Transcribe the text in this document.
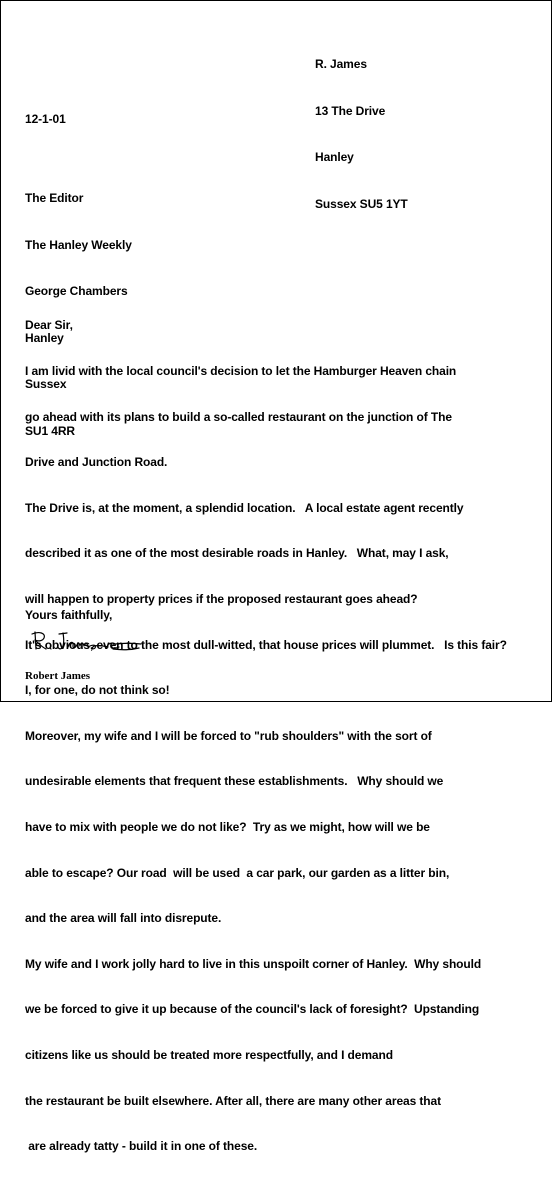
R. James

13 The Drive

Hanley

Sussex SU5 1YT

12-1-01

The Editor

The Hanley Weekly

George Chambers

Hanley

Sussex

SU1 4RR

Dear Sir,

I am livid with the local council's decision to let the Hamburger Heaven chain

go ahead with its plans to build a so-called restaurant on the junction of The

Drive and Junction Road.

The Drive is, at the moment, a splendid location.   A local estate agent recently

described it as one of the most desirable roads in Hanley.   What, may I ask,

will happen to property prices if the proposed restaurant goes ahead?

It's obvious, even to the most dull-witted, that house prices will plummet.   Is this fair?

I, for one, do not think so!

Moreover, my wife and I will be forced to "rub shoulders" with the sort of

undesirable elements that frequent these establishments.   Why should we

have to mix with people we do not like?  Try as we might, how will we be

able to escape? Our road  will be used  a car park, our garden as a litter bin,

and the area will fall into disrepute.

My wife and I work jolly hard to live in this unspoilt corner of Hanley.  Why should

we be forced to give it up because of the council's lack of foresight?  Upstanding

citizens like us should be treated more respectfully, and I demand

the restaurant be built elsewhere. After all, there are many other areas that

are already tatty - build it in one of these.

Yours faithfully,
Robert James
